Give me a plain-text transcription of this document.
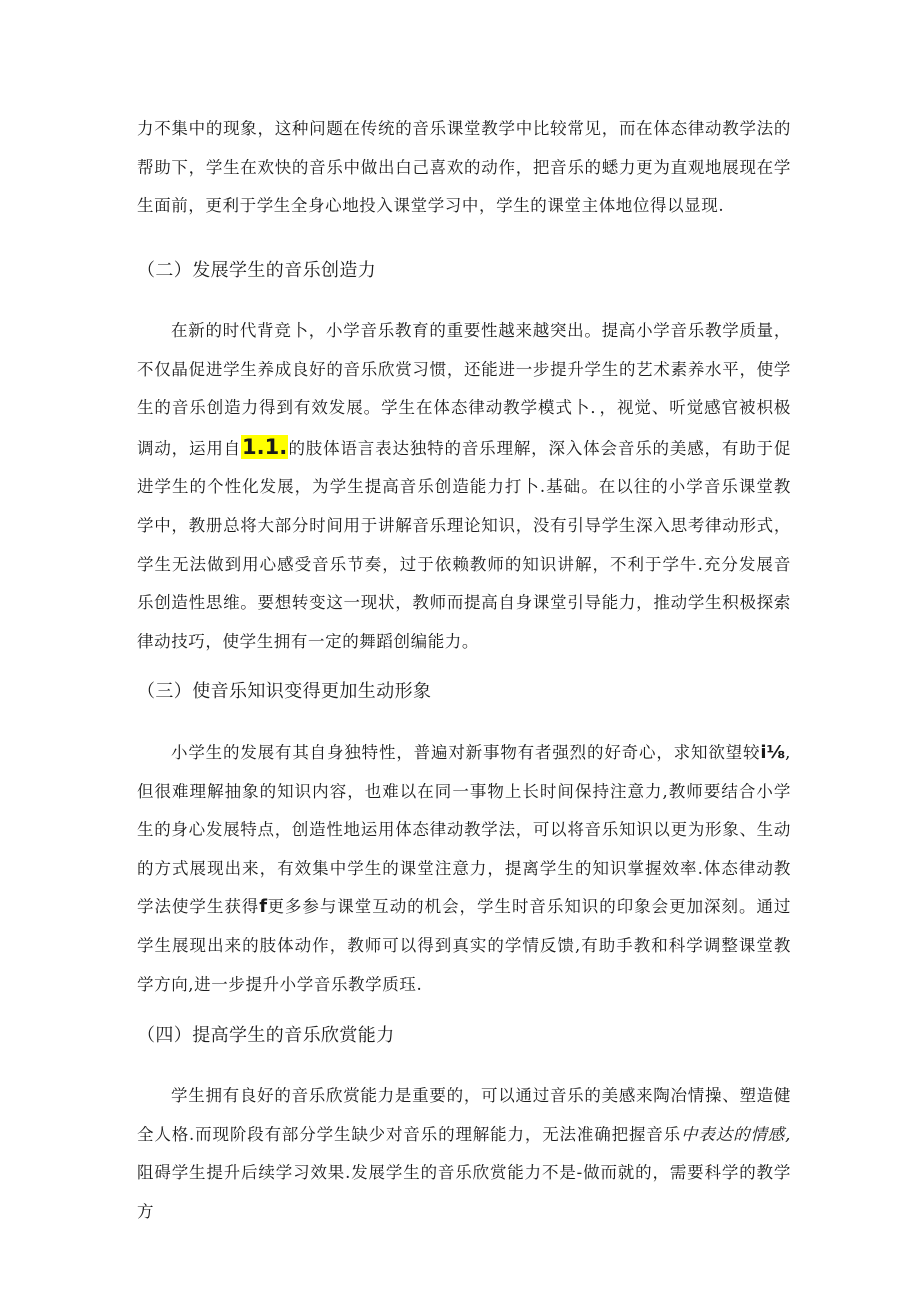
力不集中的现象，这种问题在传统的音乐课堂教学中比较常见，而在体态律动教学法的帮助下，学生在欢快的音乐中做出白己喜欢的动作，把音乐的蟋力更为直观地展现在学生面前，更利于学生全身心地投入课堂学习中，学生的课堂主体地位得以显现.

（二）发展学生的音乐创造力

在新的时代背竞卜，小学音乐教育的重要性越来越突出。提高小学音乐教学质量，不仅晶促进学生养成良好的音乐欣赏习惯，还能进一步提升学生的艺术素养水平，使学生的音乐创造力得到有效发展。学生在体态律动教学模式卜．，视觉、听觉感官被枳极调动，运用自1.1.的肢体语言表达独特的音乐理解，深入体会音乐的美感，有助于促进学生的个性化发展，为学生提高音乐创造能力打卜.基础。在以往的小学音乐课堂教学中，教册总将大部分时间用于讲解音乐理论知识，没有引导学生深入思考律动形式，学生无法做到用心感受音乐节奏，过于依赖教师的知识讲解，不利于学牛.充分发展音乐创造性思维。要想转变这一现状，教师而提高自身课堂引导能力，推动学生积极探索律动技巧，使学生拥有一定的舞蹈创编能力。

（三）使音乐知识变得更加生动形象

小学生的发展有其自身独特性，普遍对新事物有者强烈的好奇心，求知欲望较i⅛,但很难理解抽象的知识内容，也难以在同一事物上长时间保持注意力,教师要结合小学生的身心发展特点，创造性地运用体态律动教学法，可以将音乐知识以更为形象、生动的方式展现出来，有效集中学生的课堂注意力，提离学生的知识掌握效率.体态律动教学法使学生获得f更多参与课堂互动的机会，学生时音乐知识的印象会更加深刻。通过学生展现出来的肢体动作，教师可以得到真实的学情反馈,有助手教和科学调整课堂教学方向,进一步提升小学音乐教学质珏.

（四）提高学生的音乐欣赏能力

学生拥有良好的音乐欣赏能力是重要的，可以通过音乐的美感来陶冶情操、塑造健全人格.而现阶段有部分学生缺少对音乐的理解能力，无法准确把握音乐中表达的情感,阻碍学生提升后续学习效果.发展学生的音乐欣赏能力不是-做而就的，需要科学的教学方
